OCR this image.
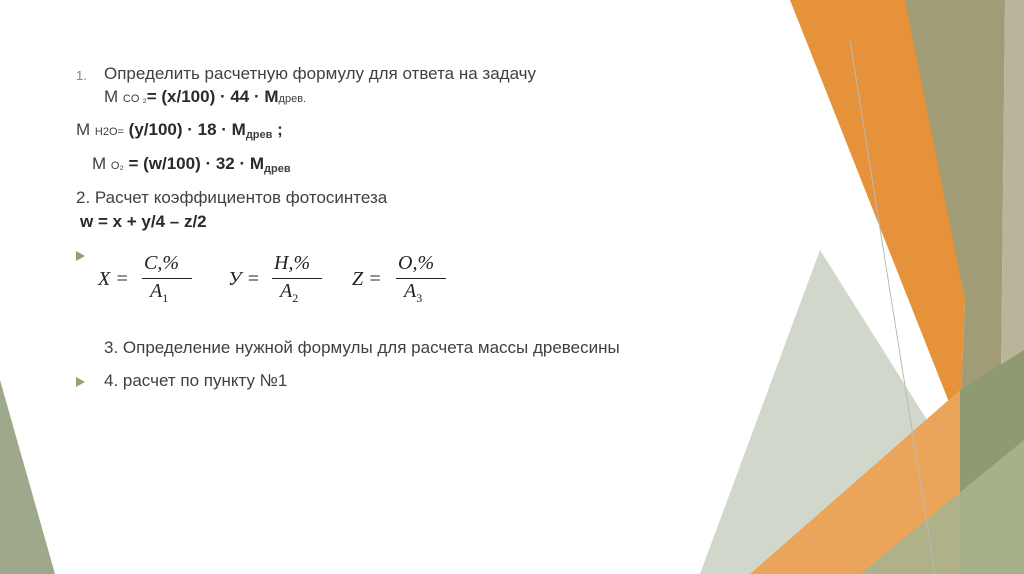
1. Определить расчетную формулу для ответа на задачу
M CO ₂= (x/100) · 44 · Mдрев.
M H2O= (y/100) · 18 · Mдрев ;
M O₂ = (w/100) · 32 · Mдрев
2. Расчет коэффициентов фотосинтеза
w = x + y/4 – z/2
X =
C,%
$A_1$
У =
H,%
$A_2$
Z =
O,%
$A_3$
3. Определение нужной формулы для расчета массы древесины
4. расчет по пункту №1
